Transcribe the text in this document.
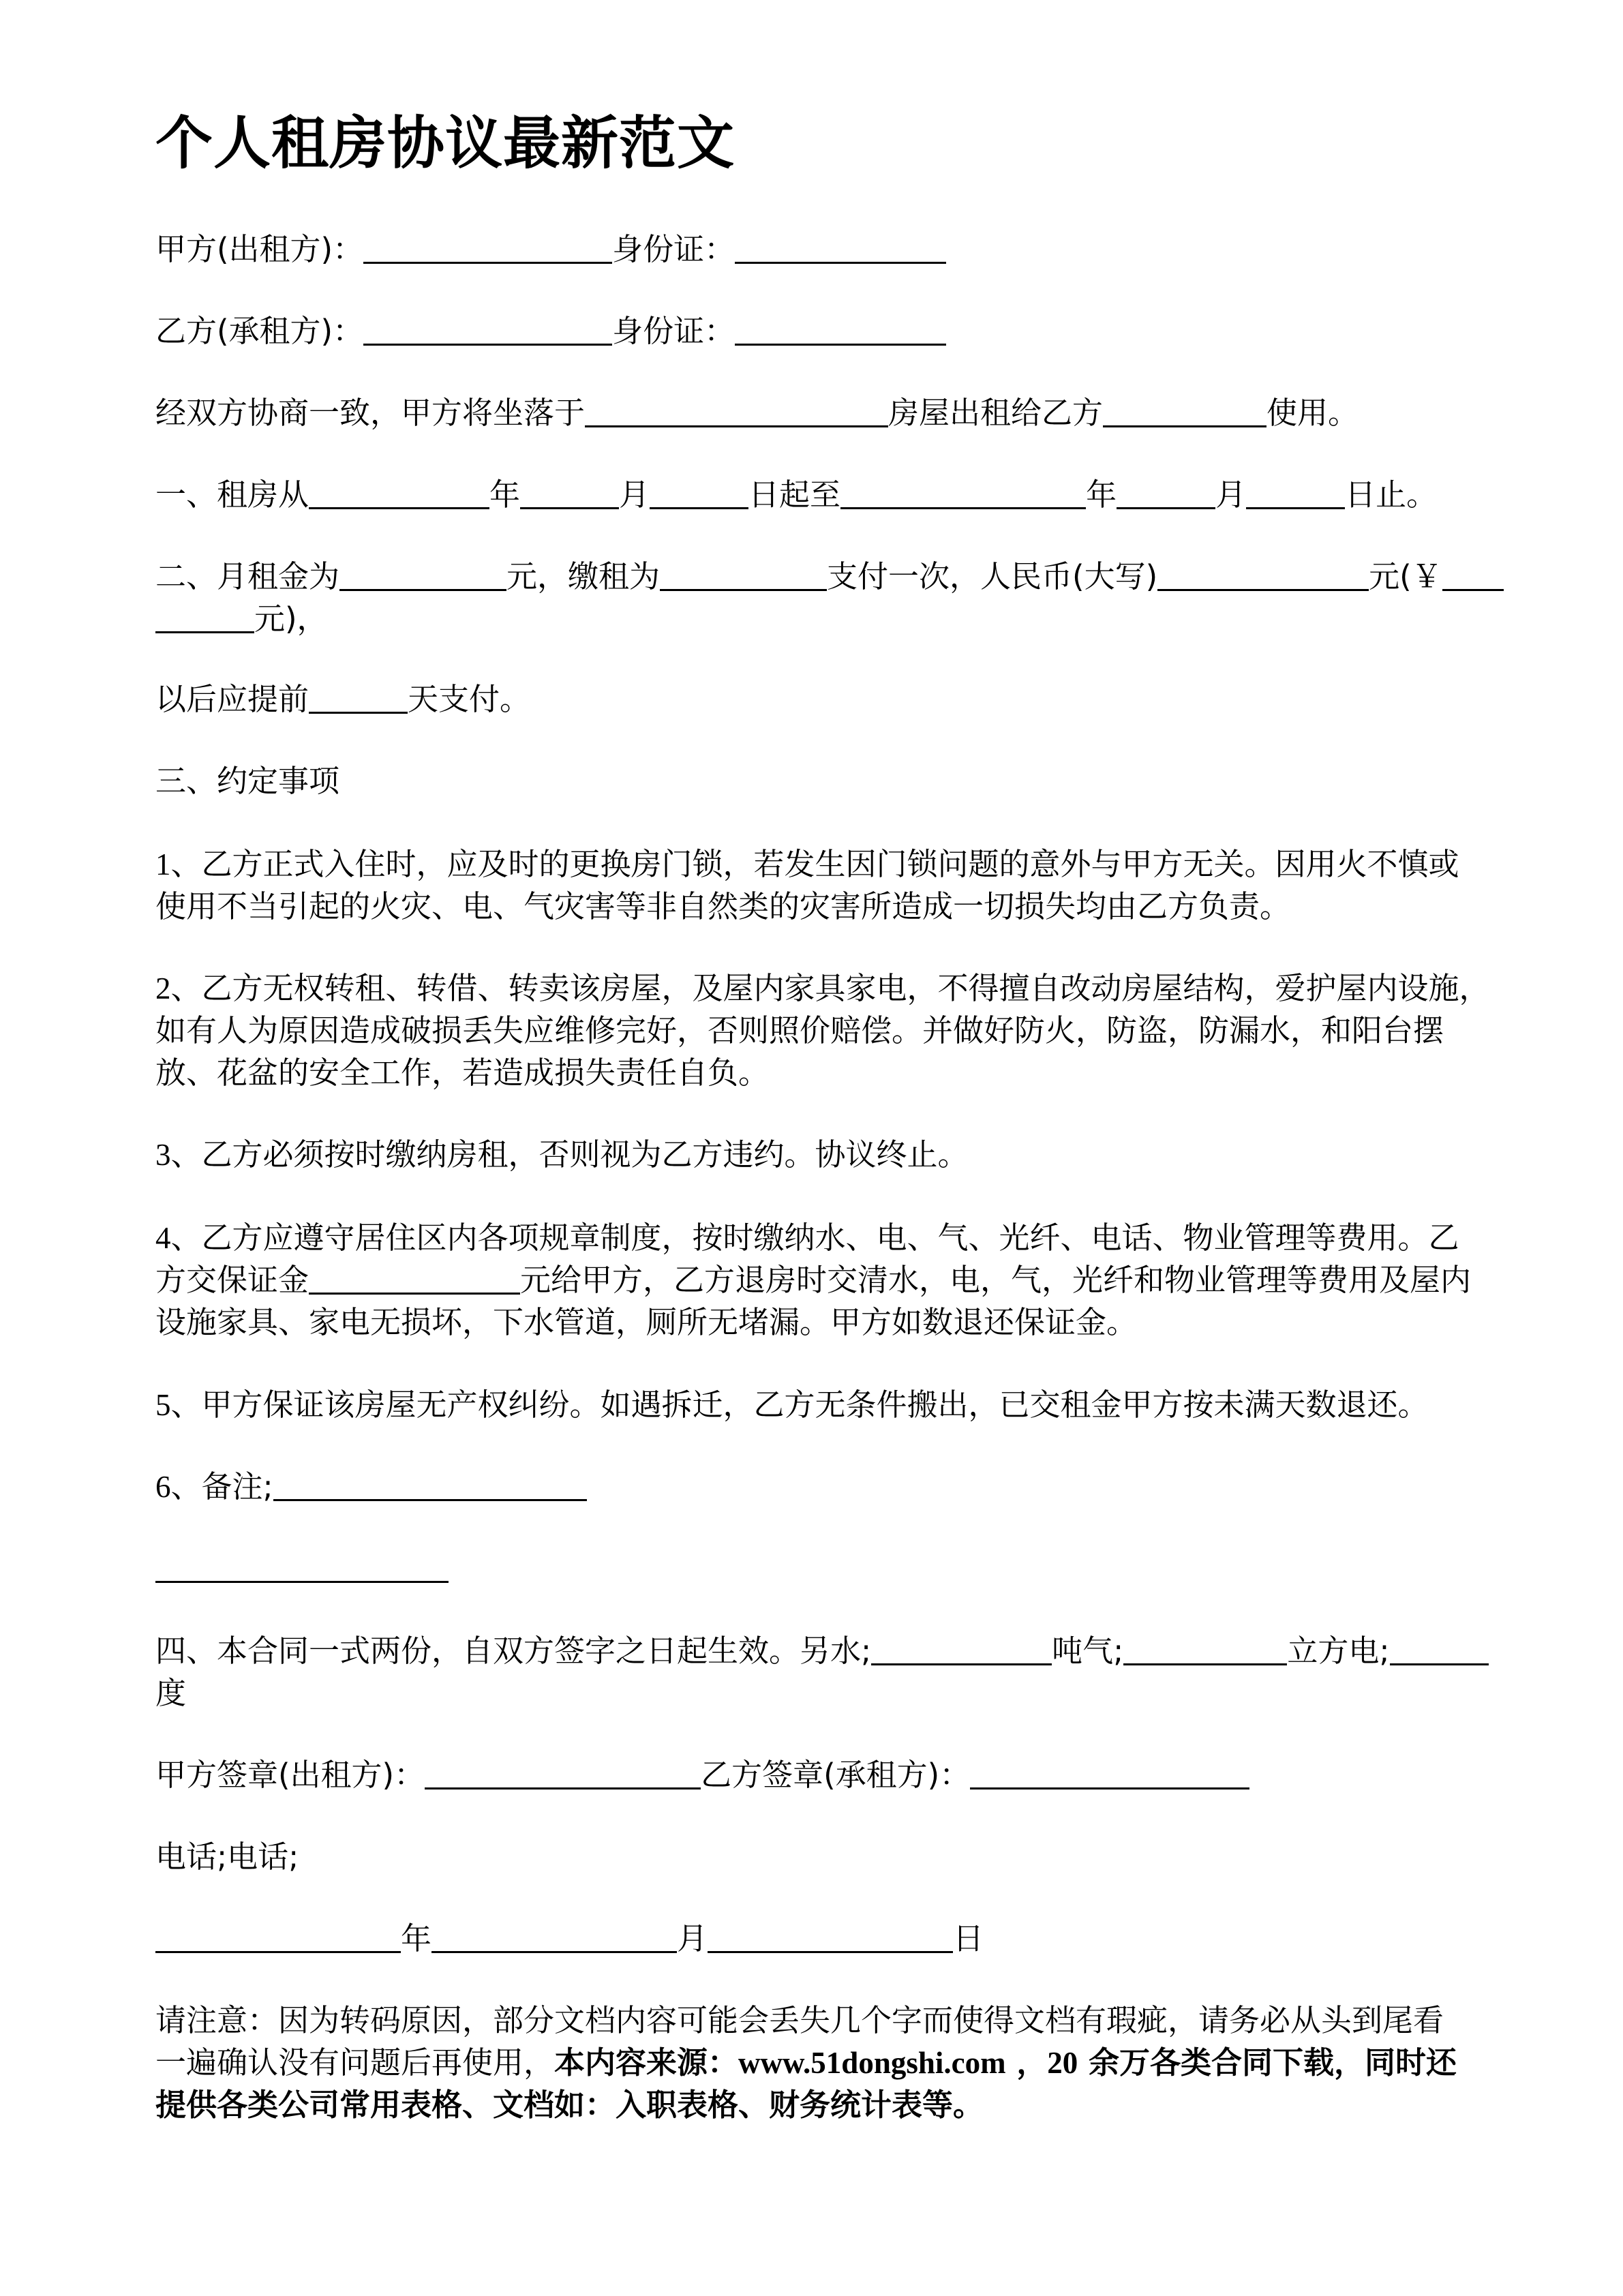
个人租房协议最新范文
甲方(出租方)：	身份证：
乙方(承租方)：	身份证：
经双方协商一致，甲方将坐落于	房屋出租给乙方	使用。
一、租房从	年	月	日起至	年	月	日止。
二、月租金为	元，缴租为	支付一次，人民币(大写)	元(￥
元)，
以后应提前	天支付。
三、约定事项
1、乙方正式入住时，应及时的更换房门锁，若发生因门锁问题的意外与甲方无关。因用火不慎或
使用不当引起的火灾、电、气灾害等非自然类的灾害所造成一切损失均由乙方负责。
2、乙方无权转租、转借、转卖该房屋，及屋内家具家电，不得擅自改动房屋结构，爱护屋内设施，
如有人为原因造成破损丢失应维修完好，否则照价赔偿。并做好防火，防盗，防漏水，和阳台摆
放、花盆的安全工作，若造成损失责任自负。
3、乙方必须按时缴纳房租，否则视为乙方违约。协议终止。
4、乙方应遵守居住区内各项规章制度，按时缴纳水、电、气、光纤、电话、物业管理等费用。乙
方交保证金	元给甲方，乙方退房时交清水，电，气，光纤和物业管理等费用及屋内
设施家具、家电无损坏，下水管道，厕所无堵漏。甲方如数退还保证金。
5、甲方保证该房屋无产权纠纷。如遇拆迁，乙方无条件搬出，已交租金甲方按未满天数退还。
6、备注;
四、本合同一式两份，自双方签字之日起生效。另水;	吨气;	立方电;
度
甲方签章(出租方)：	乙方签章(承租方)：
电话;电话;
年	月	日
请注意：因为转码原因，部分文档内容可能会丢失几个字而使得文档有瑕疵，请务必从头到尾看
一遍确认没有问题后再使用，本内容来源：www.51dongshi.com ，20 余万各类合同下载，同时还
提供各类公司常用表格、文档如：入职表格、财务统计表等。
